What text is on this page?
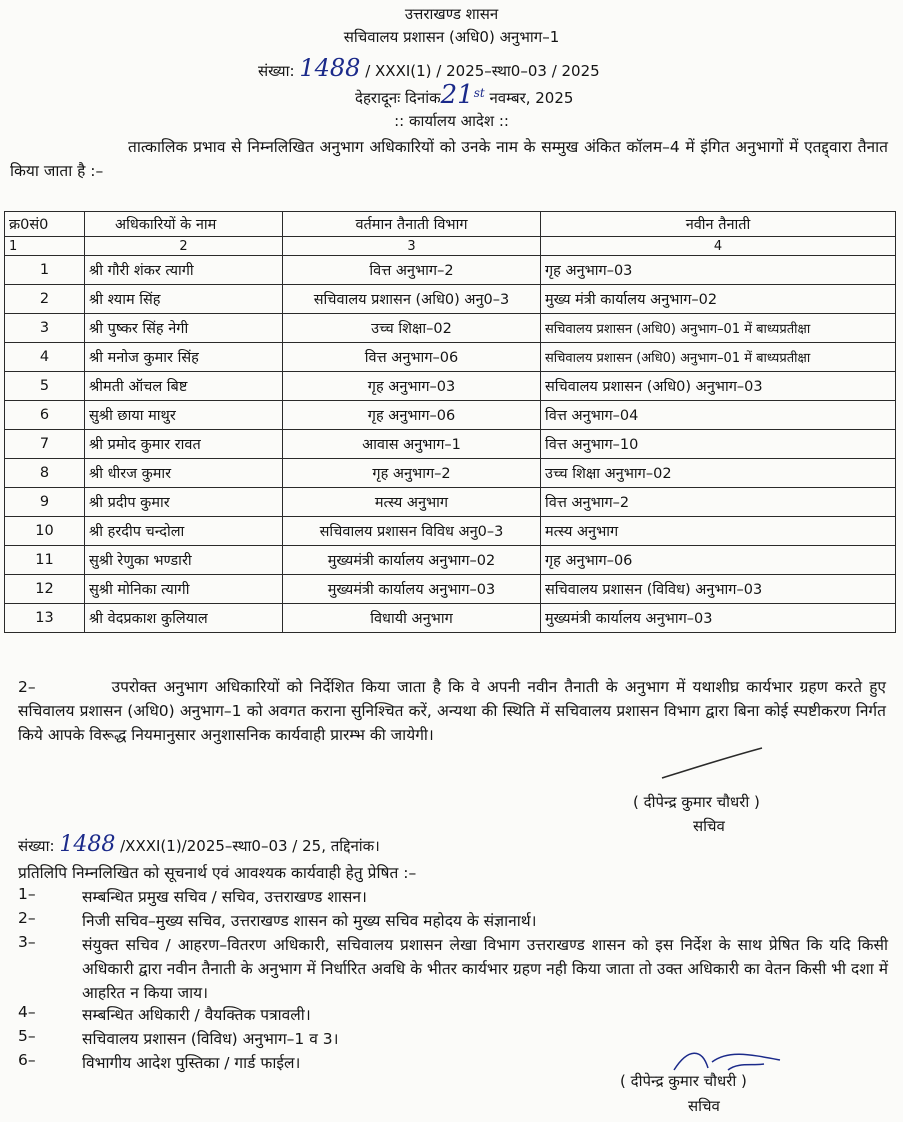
उत्तराखण्ड शासन
सचिवालय प्रशासन (अधि0) अनुभाग–1
संख्या: 1488 / XXXI(1) / 2025–स्था0–03 / 2025
देहरादूनः दिनांक21st नवम्बर, 2025
:: कार्यालय आदेश ::
तात्कालिक प्रभाव से निम्नलिखित अनुभाग अधिकारियों को उनके नाम के सम्मुख अंकित कॉलम–4 में इंगित अनुभागों में एतद्द्वारा तैनात किया जाता है :–
क्र0सं0	अधिकारियों के नाम	वर्तमान तैनाती विभाग	नवीन तैनाती
1	2	3	4
1	श्री गौरी शंकर त्यागी	वित्त अनुभाग–2	गृह अनुभाग–03
2	श्री श्याम सिंह	सचिवालय प्रशासन (अधि0) अनु0–3	मुख्य मंत्री कार्यालय अनुभाग–02
3	श्री पुष्कर सिंह नेगी	उच्च शिक्षा–02	सचिवालय प्रशासन (अधि0) अनुभाग–01 में बाध्यप्रतीक्षा
4	श्री मनोज कुमार सिंह	वित्त अनुभाग–06	सचिवालय प्रशासन (अधि0) अनुभाग–01 में बाध्यप्रतीक्षा
5	श्रीमती ऑचल बिष्ट	गृह अनुभाग–03	सचिवालय प्रशासन (अधि0) अनुभाग–03
6	सुश्री छाया माथुर	गृह अनुभाग–06	वित्त अनुभाग–04
7	श्री प्रमोद कुमार रावत	आवास अनुभाग–1	वित्त अनुभाग–10
8	श्री धीरज कुमार	गृह अनुभाग–2	उच्च शिक्षा अनुभाग–02
9	श्री प्रदीप कुमार	मत्स्य अनुभाग	वित्त अनुभाग–2
10	श्री हरदीप चन्दोला	सचिवालय प्रशासन विविध अनु0–3	मत्स्य अनुभाग
11	सुश्री रेणुका भण्डारी	मुख्यमंत्री कार्यालय अनुभाग–02	गृह अनुभाग–06
12	सुश्री मोनिका त्यागी	मुख्यमंत्री कार्यालय अनुभाग–03	सचिवालय प्रशासन (विविध) अनुभाग–03
13	श्री वेदप्रकाश कुलियाल	विधायी अनुभाग	मुख्यमंत्री कार्यालय अनुभाग–03
2–	उपरोक्त अनुभाग अधिकारियों को निर्देशित किया जाता है कि वे अपनी नवीन तैनाती के अनुभाग में यथाशीघ्र कार्यभार ग्रहण करते हुए सचिवालय प्रशासन (अधि0) अनुभाग–1 को अवगत कराना सुनिश्चित करें, अन्यथा की स्थिति में सचिवालय प्रशासन विभाग द्वारा बिना कोई स्पष्टीकरण निर्गत किये आपके विरूद्ध नियमानुसार अनुशासनिक कार्यवाही प्रारम्भ की जायेगी।
( दीपेन्द्र कुमार चौधरी )
सचिव
संख्या: 1488 /XXXI(1)/2025–स्था0–03 / 25, तद्दिनांक।
प्रतिलिपि निम्नलिखित को सूचनार्थ एवं आवश्यक कार्यवाही हेतु प्रेषित :–
1–	सम्बन्धित प्रमुख सचिव / सचिव, उत्तराखण्ड शासन।
2–	निजी सचिव–मुख्य सचिव, उत्तराखण्ड शासन को मुख्य सचिव महोदय के संज्ञानार्थ।
3–	संयुक्त सचिव / आहरण–वितरण अधिकारी, सचिवालय प्रशासन लेखा विभाग उत्तराखण्ड शासन को इस निर्देश के साथ प्रेषित कि यदि किसी अधिकारी द्वारा नवीन तैनाती के अनुभाग में निर्धारित अवधि के भीतर कार्यभार ग्रहण नही किया जाता तो उक्त अधिकारी का वेतन किसी भी दशा में आहरित न किया जाय।
4–	सम्बन्धित अधिकारी / वैयक्तिक पत्रावली।
5–	सचिवालय प्रशासन (विविध) अनुभाग–1 व 3।
6–	विभागीय आदेश पुस्तिका / गार्ड फाईल।
( दीपेन्द्र कुमार चौधरी )
सचिव
